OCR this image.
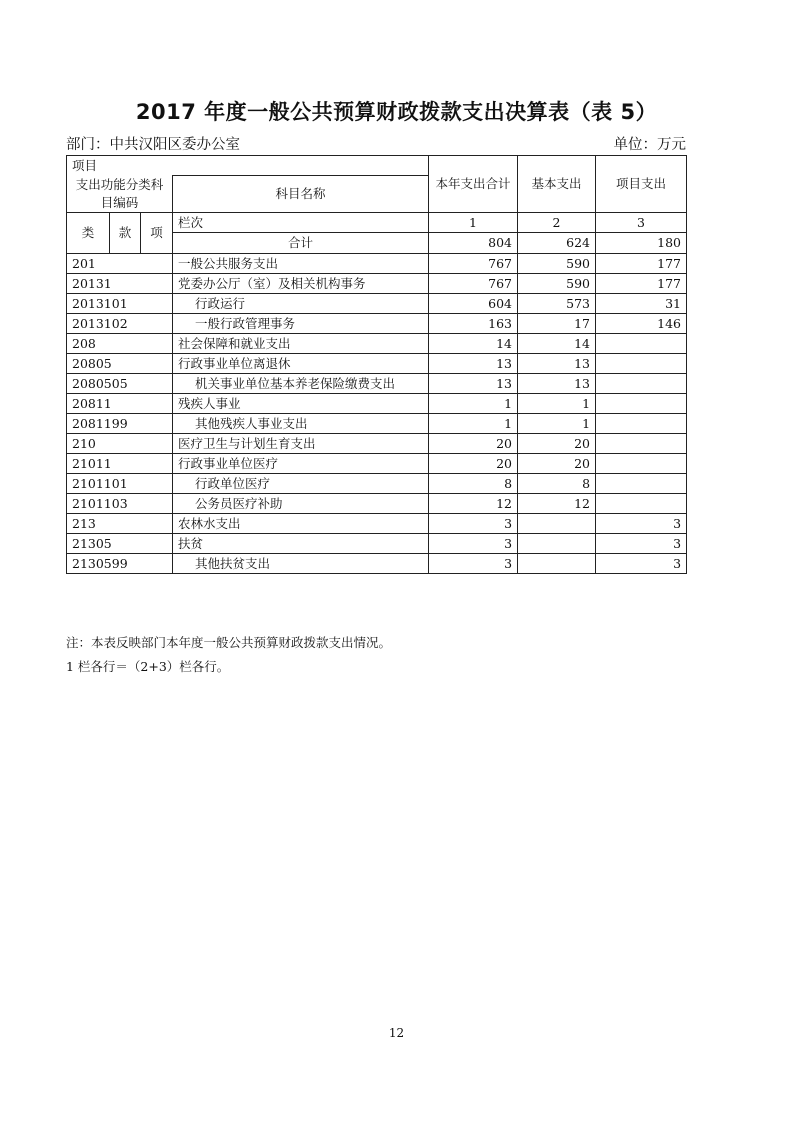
2017 年度一般公共预算财政拨款支出决算表（表 5）
部门：中共汉阳区委办公室	单位：万元
项目				本年支出合计	基本支出	项目支出
支出功能分类科目编码			科目名称			
类	款	项	栏次	1	2	3
			合计	804	624	180
201			一般公共服务支出	767	590	177
20131			党委办公厅（室）及相关机构事务	767	590	177
2013101			行政运行	604	573	31
2013102			一般行政管理事务	163	17	146
208			社会保障和就业支出	14	14	
20805			行政事业单位离退休	13	13	
2080505			机关事业单位基本养老保险缴费支出	13	13	
20811			残疾人事业	1	1	
2081199			其他残疾人事业支出	1	1	
210			医疗卫生与计划生育支出	20	20	
21011			行政事业单位医疗	20	20	
2101101			行政单位医疗	8	8	
2101103			公务员医疗补助	12	12	
213			农林水支出	3		3
21305			扶贫	3		3
2130599			其他扶贫支出	3		3
注：本表反映部门本年度一般公共预算财政拨款支出情况。
1 栏各行＝（2+3）栏各行。
12
